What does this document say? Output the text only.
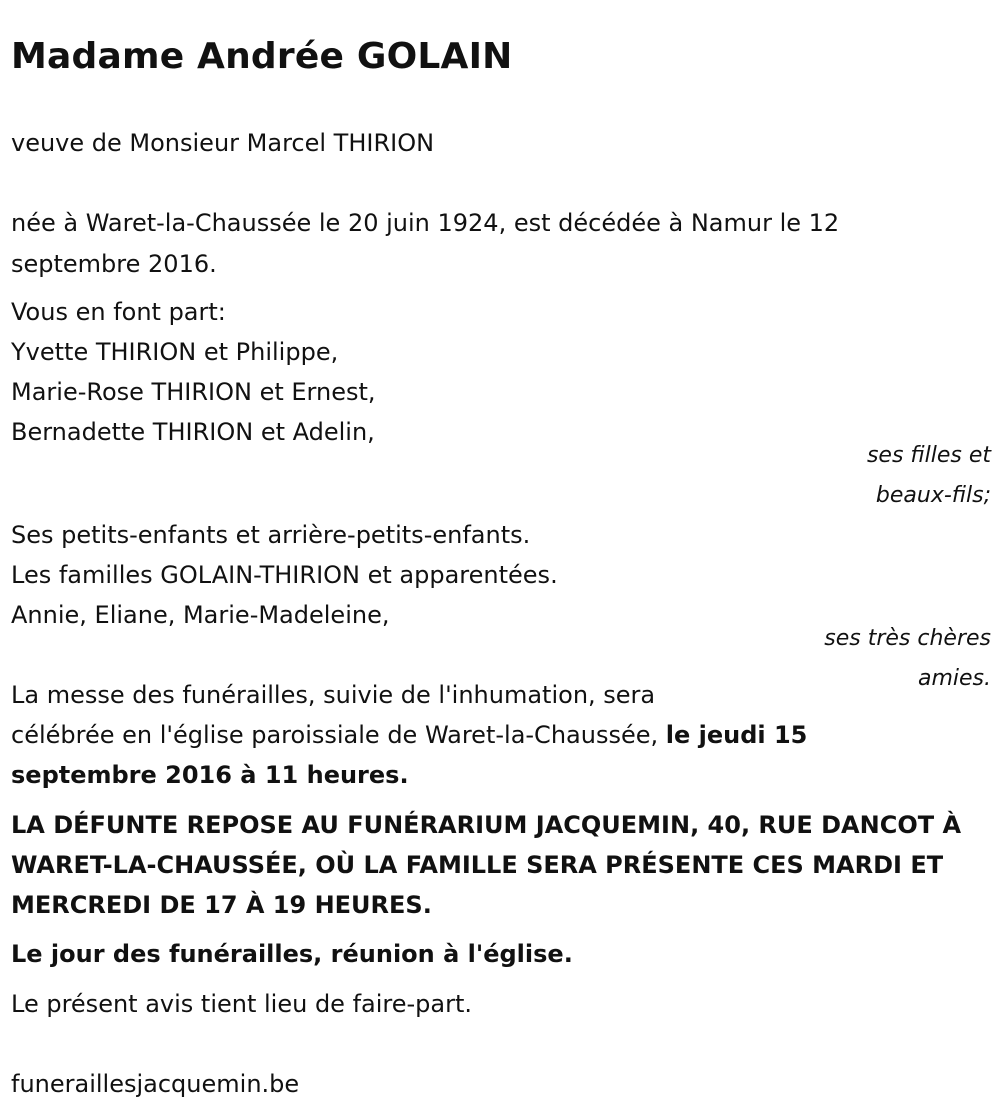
Madame Andrée GOLAIN
veuve de Monsieur Marcel THIRION
née à Waret-la-Chaussée le 20 juin 1924, est décédée à Namur le 12
septembre 2016.
Vous en font part:
Yvette THIRION et Philippe,
Marie-Rose THIRION et Ernest,
Bernadette THIRION et Adelin,
ses filles et
beaux-fils;
Ses petits-enfants et arrière-petits-enfants.
Les familles GOLAIN-THIRION et apparentées.
Annie, Eliane, Marie-Madeleine,
ses très chères
amies.
La messe des funérailles, suivie de l'inhumation, sera
célébrée en l'église paroissiale de Waret-la-Chaussée, le jeudi 15
septembre 2016 à 11 heures.
LA DÉFUNTE REPOSE AU FUNÉRARIUM JACQUEMIN, 40, RUE DANCOT À
WARET-LA-CHAUSSÉE, OÙ LA FAMILLE SERA PRÉSENTE CES MARDI ET
MERCREDI DE 17 À 19 HEURES.
Le jour des funérailles, réunion à l'église.
Le présent avis tient lieu de faire-part.
funeraillesjacquemin.be
